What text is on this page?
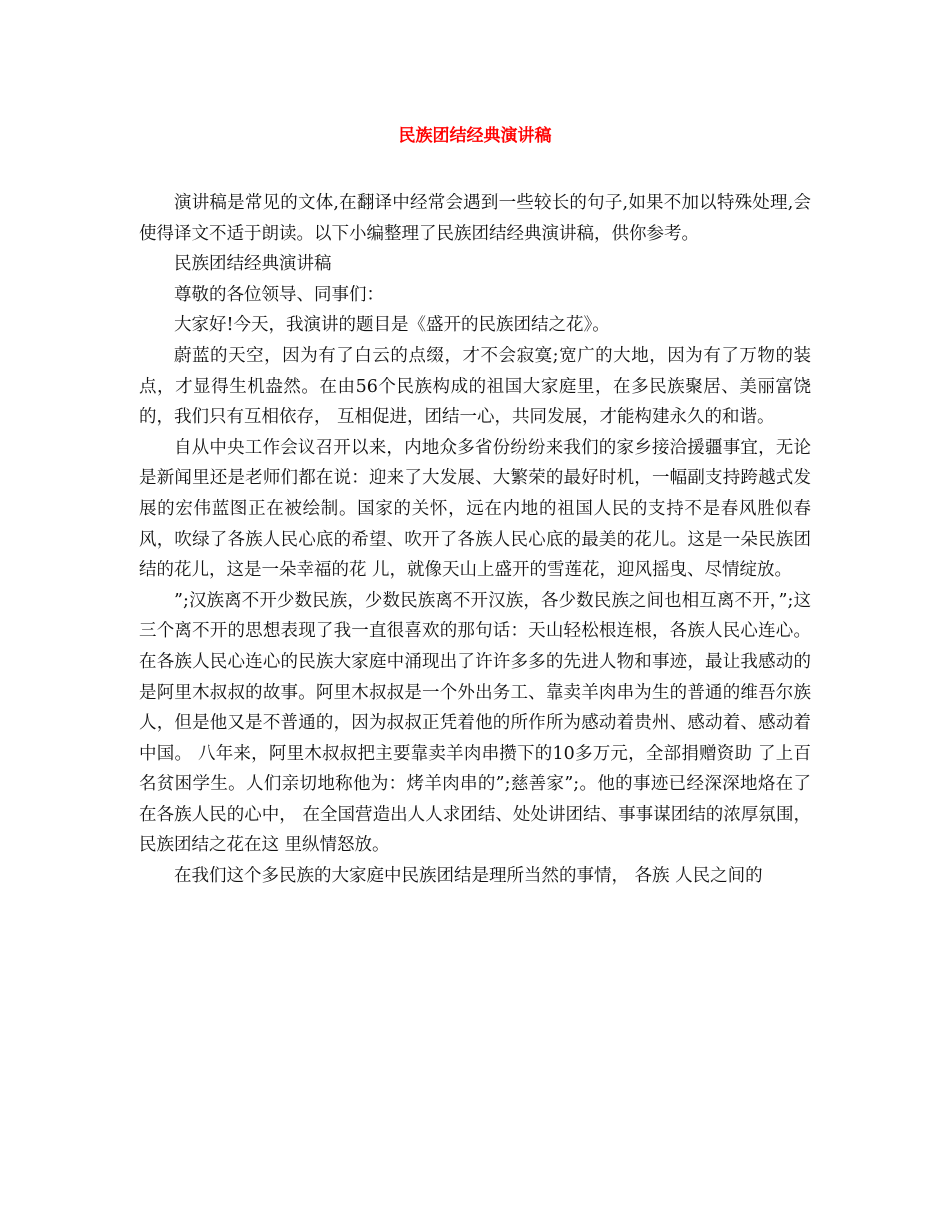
民族团结经典演讲稿

演讲稿是常见的文体,在翻译中经常会遇到一些较长的句子,如果不加以特殊处理,会使得译文不适于朗读。以下小编整理了民族团结经典演讲稿，供你参考。

民族团结经典演讲稿

尊敬的各位领导、同事们：

大家好!今天，我演讲的题目是《盛开的民族团结之花》。

蔚蓝的天空，因为有了白云的点缀，才不会寂寞;宽广的大地，因为有了万物的装点，才显得生机盎然。在由56个民族构成的祖国大家庭里，在多民族聚居、美丽富饶的，我们只有互相依存， 互相促进，团结一心，共同发展，才能构建永久的和谐。

自从中央工作会议召开以来，内地众多省份纷纷来我们的家乡接洽援疆事宜，无论是新闻里还是老师们都在说：迎来了大发展、大繁荣的最好时机，一幅副支持跨越式发展的宏伟蓝图正在被绘制。国家的关怀，远在内地的祖国人民的支持不是春风胜似春风，吹绿了各族人民心底的希望、吹开了各族人民心底的最美的花儿。这是一朵民族团结的花儿，这是一朵幸福的花 儿，就像天山上盛开的雪莲花，迎风摇曳、尽情绽放。

”;汉族离不开少数民族，少数民族离不开汉族，各少数民族之间也相互离不开，”;这三个离不开的思想表现了我一直很喜欢的那句话：天山轻松根连根，各族人民心连心。在各族人民心连心的民族大家庭中涌现出了许许多多的先进人物和事迹，最让我感动的是阿里木叔叔的故事。阿里木叔叔是一个外出务工、靠卖羊肉串为生的普通的维吾尔族人，但是他又是不普通的，因为叔叔正凭着他的所作所为感动着贵州、感动着、感动着中国。 八年来，阿里木叔叔把主要靠卖羊肉串攒下的10多万元，全部捐赠资助 了上百名贫困学生。人们亲切地称他为：烤羊肉串的”;慈善家”;。他的事迹已经深深地烙在了在各族人民的心中， 在全国营造出人人求团结、处处讲团结、事事谋团结的浓厚氛围，民族团结之花在这 里纵情怒放。

在我们这个多民族的大家庭中民族团结是理所当然的事情， 各族 人民之间的
